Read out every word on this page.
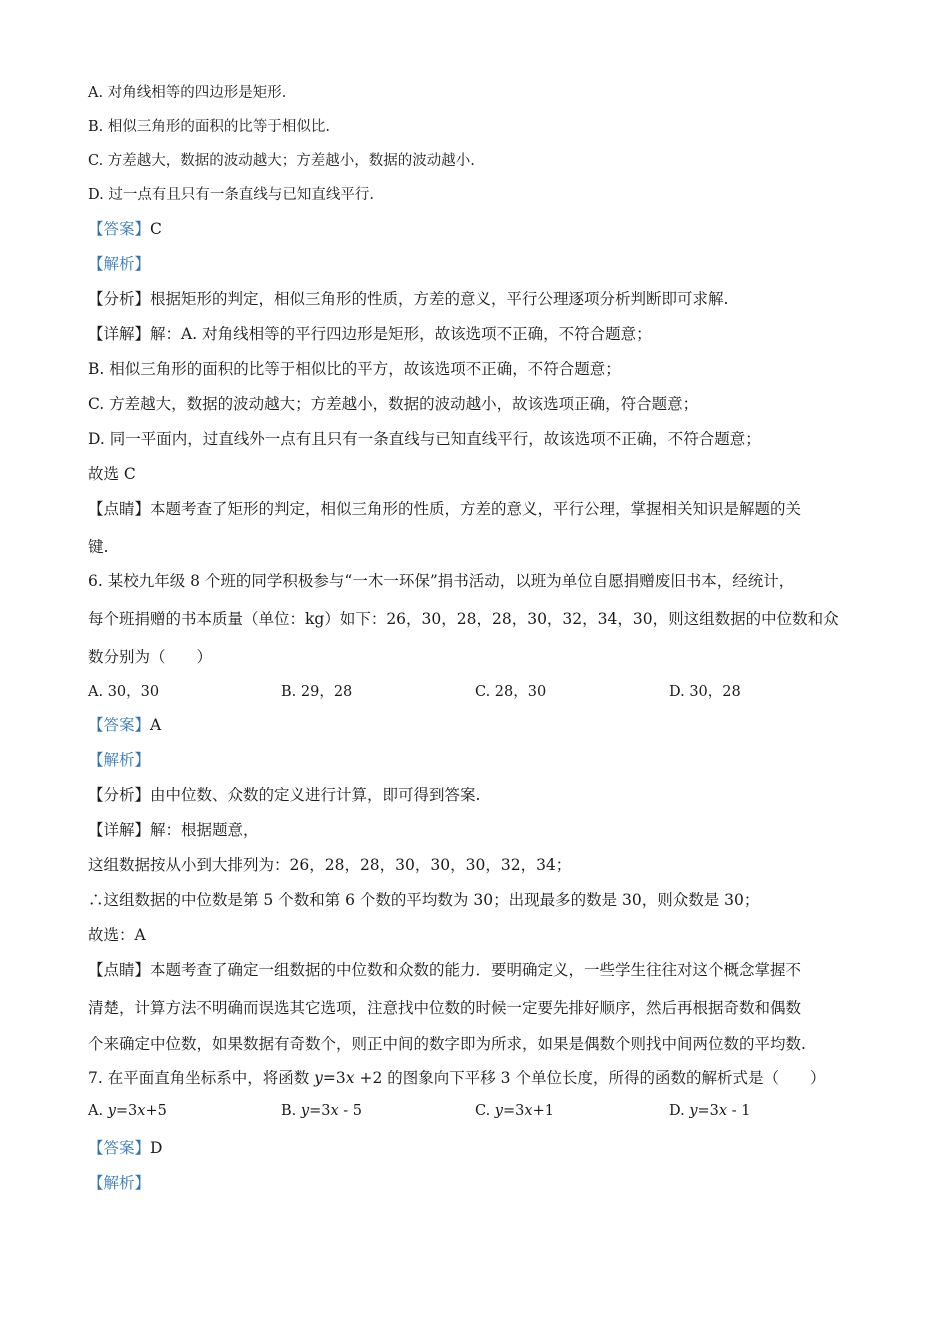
A. 对角线相等的四边形是矩形.
B. 相似三角形的面积的比等于相似比.
C. 方差越大，数据的波动越大；方差越小，数据的波动越小.
D. 过一点有且只有一条直线与已知直线平行.
【答案】C
【解析】
【分析】根据矩形的判定，相似三角形的性质，方差的意义，平行公理逐项分析判断即可求解.
【详解】解：A. 对角线相等的平行四边形是矩形，故该选项不正确，不符合题意；
B. 相似三角形的面积的比等于相似比的平方，故该选项不正确，不符合题意；
C. 方差越大，数据的波动越大；方差越小，数据的波动越小，故该选项正确，符合题意；
D. 同一平面内，过直线外一点有且只有一条直线与已知直线平行，故该选项不正确，不符合题意；
故选 C
【点睛】本题考查了矩形的判定，相似三角形的性质，方差的意义，平行公理，掌握相关知识是解题的关
键.
6. 某校九年级 8 个班的同学积极参与“一木一环保”捐书活动，以班为单位自愿捐赠废旧书本，经统计，
每个班捐赠的书本质量（单位：kg）如下：26，30，28，28，30，32，34，30，则这组数据的中位数和众
数分别为（　　）
A. 30，30	B. 29，28	C. 28，30	D. 30，28
【答案】A
【解析】
【分析】由中位数、众数的定义进行计算，即可得到答案.
【详解】解：根据题意，
这组数据按从小到大排列为：26，28，28，30，30，30，32，34；
∴这组数据的中位数是第 5 个数和第 6 个数的平均数为 30；出现最多的数是 30，则众数是 30；
故选：A
【点睛】本题考查了确定一组数据的中位数和众数的能力．要明确定义，一些学生往往对这个概念掌握不
清楚，计算方法不明确而误选其它选项，注意找中位数的时候一定要先排好顺序，然后再根据奇数和偶数
个来确定中位数，如果数据有奇数个，则正中间的数字即为所求，如果是偶数个则找中间两位数的平均数.
7. 在平面直角坐标系中，将函数 y=3x +2 的图象向下平移 3 个单位长度，所得的函数的解析式是（　　）
A. y=3x+5	B. y=3x - 5	C. y=3x+1	D. y=3x - 1
【答案】D
【解析】
